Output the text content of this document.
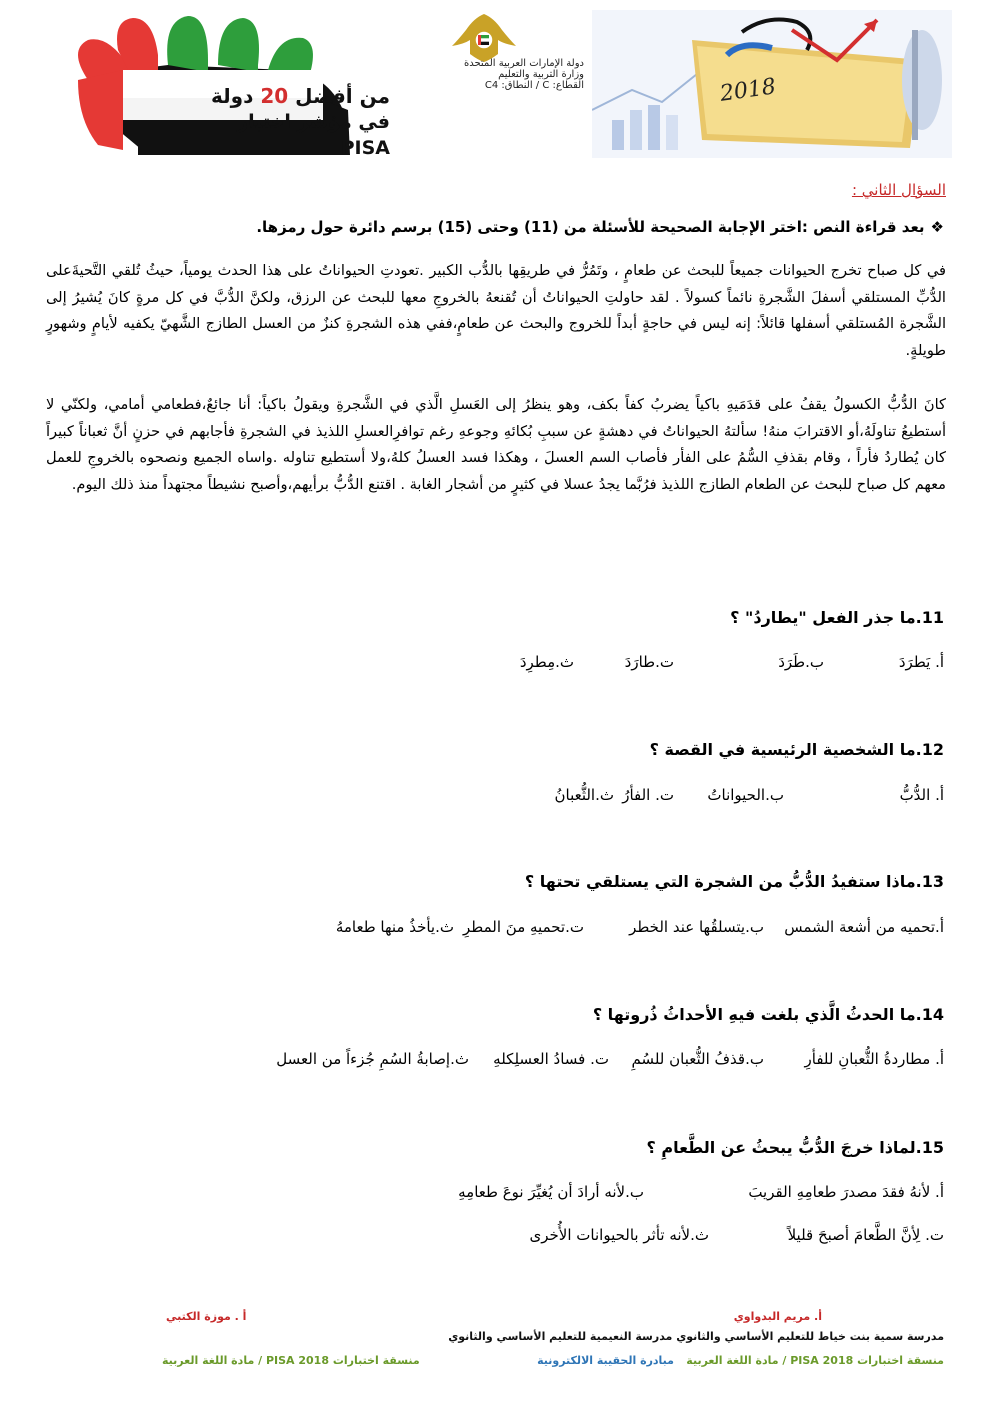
من أفضل 20 دولة
في مؤشر اختبار PISA
دولة الإمارات العربية المتحدة
وزارة التربية والتعليم
القطاع: C / النطاق: C4	2018
السؤال الثاني :
❖بعد قراءة النص :اختر الإجابة الصحيحة للأسئلة من (11) وحتى (15) برسم دائرة حول رمزها.

في كل صباح تخرج الحيوانات جميعاً للبحث عن طعامٍ ، وتَمُرُّ في طريقِها بالدُّب الكبير .تعودتِ الحيواناتُ على هذا الحدث يومياً، حيثُ تُلقي التَّحيةَعلى الدُّبِّ المستلقي أسفلَ الشَّجرةِ نائماً كسولاً . لقد حاولتِ الحيواناتُ أن تُقنعهُ بالخروجِ معها للبحث عن الرزق، ولكنَّ الدُّبَّ في كل مرةٍ كانَ يُشيرُ إلى الشَّجرة المُستلقي أسفلها قائلاً: إنه ليس في حاجةٍ أبداً للخروج والبحث عن طعامٍ،ففي هذه الشجرةِ كنزٌ من العسل الطازج الشَّهيّ يكفيه لأيامٍ وشهورٍ طويلةٍ.

كانَ الدُّبُّ الكسولُ يقفُ على قدَمَيهِ باكياً يضربُ كفاً بكف، وهو ينظرُ إلى العَسلِ الَّذي في الشَّجرةِ ويقولُ باكياً: أنا جائعٌ،فطعامي أمامي، ولكنّي لا أستطيعُ تناولَهُ،أو الاقترابَ منهُ! سألتهُ الحيواناتُ في دهشةٍ عن سببِ بُكائهِ وجوعهِ رغم توافرِالعسلِ اللذيذ في الشجرةِ فأجابهم في حزنٍ أنَّ ثعباناً كبيراً كان يُطاردُ فأراً ، وقام بقذفِ السُّمُ على الفأر فأصاب السم العسلَ ، وهكذا فسد العسلُ كلهُ،ولا أستطيع تناوله .واساه الجميع ونصحوه بالخروجِ للعمل معهم كل صباح للبحث عن الطعام الطازج اللذيذ فرُبَّما يجدُ عسلا في كثيرٍ من أشجار الغابة . اقتنع الدُّبُّ برأيهم،وأصبح نشيطاً مجتهداً منذ ذلك اليوم.

11.ما جذر الفعل "يطاردُ" ؟
أ. يَطرَدَ
ب.طَرَدَ
ت.طارَدَ
ث.مِطرِدَ
12.ما الشخصية الرئيسية في القصة ؟
أ. الدُّبُّ
ب.الحيواناتُ
ت. الفأرُ
ث.الثُّعبانُ
13.ماذا ستفيدُ الدُّبُّ من الشجرة التي يستلقي تحتها ؟
أ.تحميه من أشعة الشمس
ب.يتسلقُها عند الخطر
ت.تحميهِ منَ المطرِ
ث.يأخذُ منها طعامهُ
14.ما الحدثُ الَّذي بلغت فيهِ الأحداثُ ذُروتها ؟
أ. مطاردةُ الثُّعبانِ للفأرِ
ب.قذفُ الثُّعبان للسُمِ
ت. فسادُ العسلِكلهِ
ث.إصابةُ السُمِ جُزءاً من العسل
15.لماذا خرجَ الدُّبُّ يبحثُ عن الطَّعامِ ؟
أ. لأنهُ فقدَ مصدرَ طعامِهِ القريبَ
ب.لأنه أرادَ أن يُغيِّرَ نوعَ طعامِهِ
ت. لِأنَّ الطَّعامَ أصبحَ قليلاً
ث.لأنه تأثر بالحيوانات الأُخرى
أ. مريم البدواوي
أ . موزة الكتبي
مدرسة سمية بنت خياط للتعليم الأساسي والثانوي مدرسة النعيمية للتعليم الأساسي والثانوي
منسقة اختبارات PISA 2018 / مادة اللغة العربية
مبادرة الحقيبة الالكترونية
منسقة اختبارات PISA 2018 / مادة اللغة العربية
